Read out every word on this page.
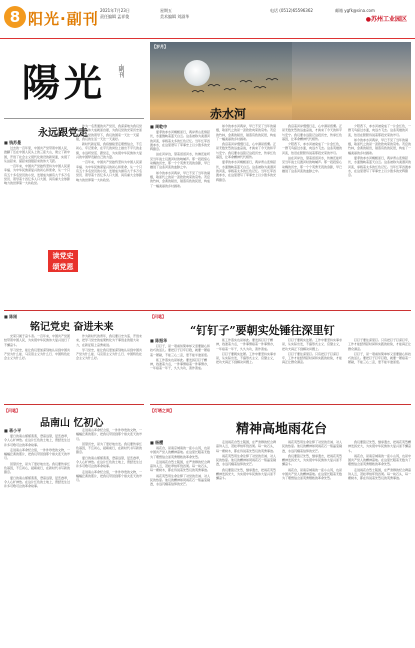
8 阳光·副刊 2021年7月23日
责任编辑 孟祥俊
星期五
美术编辑 刘淑华
电话 (0512)65596362	邮箱 ygfk@sina.com
●苏州工业园区
陽光 ·副刊
永远跟党走
■ 钱苏曼

过去的一百年里，中国共产党带领中国人民，推翻了压在中国人民头上的三座大山，建立了新中国，开创了社会主义现代化建设的新局面，实现了从站起来、富起来到强起来的伟大飞跃。

一百年来，中国共产党始终坚持为中国人民谋幸福、为中华民族谋复兴的初心和使命，从一个只有五十多名党员的小党，发展成为拥有九千多万名党员、领导着十四亿多人口大国、具有重大全球影响力的世界第一大执政党。

作为一名普通的共产党员，我深深地为我们党所取得的伟大成就而自豪，为我们党的光荣历史而骄傲。在党的领导下，我们的国家一天比一天富强，我们的生活一天比一天美好。

新时代新征程，我将继续坚定理想信念，不忘初心、牢记使命，在平凡的岗位上做出不平凡的业绩，永远听党话、跟党走，为实现中华民族伟大复兴的中国梦贡献自己的力量。

一百年来，中国共产党始终坚持为中国人民谋幸福、为中华民族谋复兴的初心和使命，从一个只有五十多名党员的小党，发展成为拥有九千多万名党员、领导着十四亿多人口大国、具有重大全球影响力的世界第一大执政党。

读党史 颂党恩
【岁月】
赤水河
■ 周乾中

夏季的赤水河蜿蜒而行，两岸青山连绵起伏，水面倒映着蓝天白云。这条被称为美酒河的河流，承载着太多的红色记忆。当年红军四渡赤水，在这里谱写了军事史上以少胜多的光辉篇章。

站在河岸边，望着滔滔河水，仿佛还能听见当年战士们渡河时的呐喊声。那一段段惊心动魄的历史，那一个个英勇无畏的身影，早已融进了这条河流的血脉之中。

如今的赤水河两岸，早已不见了当年的硝烟，取而代之的是一派欣欣向荣的景象。茂密的竹林，金黄的稻田，错落有致的民居，构成了一幅美丽的乡村画卷。

如今的赤水河两岸，早已不见了当年的硝烟，取而代之的是一派欣欣向荣的景象。茂密的竹林，金黄的稻田，错落有致的民居，构成了一幅美丽的乡村画卷。

我沿着河岸慢慢行走，心中满是感慨。正是无数先烈的浴血奋战，才换来了今天的和平与安宁。我们要永远铭记这段历史，传承红色基因，让革命精神代代相传。

夏季的赤水河蜿蜒而行，两岸青山连绵起伏，水面倒映着蓝天白云。这条被称为美酒河的河流，承载着太多的红色记忆。当年红军四渡赤水，在这里谱写了军事史上以少胜多的光辉篇章。

我沿着河岸慢慢行走，心中满是感慨。正是无数先烈的浴血奋战，才换来了今天的和平与安宁。我们要永远铭记这段历史，传承红色基因，让革命精神代代相传。

夕阳西下，赤水河被染成了一片金红色，一群飞鸟掠过水面，向远方飞去。这条英雄的河流，依旧在默默诉说着那段光荣的岁月。

站在河岸边，望着滔滔河水，仿佛还能听见当年战士们渡河时的呐喊声。那一段段惊心动魄的历史，那一个个英勇无畏的身影，早已融进了这条河流的血脉之中。

夕阳西下，赤水河被染成了一片金红色，一群飞鸟掠过水面，向远方飞去。这条英雄的河流，依旧在默默诉说着那段光荣的岁月。

如今的赤水河两岸，早已不见了当年的硝烟，取而代之的是一派欣欣向荣的景象。茂密的竹林，金黄的稻田，错落有致的民居，构成了一幅美丽的乡村画卷。

夏季的赤水河蜿蜒而行，两岸青山连绵起伏，水面倒映着蓝天白云。这条被称为美酒河的河流，承载着太多的红色记忆。当年红军四渡赤水，在这里谱写了军事史上以少胜多的光辉篇章。

■ 陈刚
铭记党史 奋进未来

光荣只属于奋斗者。一百年来，中国共产党团结带领中国人民，为实现中华民族伟大复兴进行了不懈奋斗。

学习党史，能让我们更加深刻地认识到中国共产党为什么能、马克思主义为什么行、中国特色社会主义为什么好。

作为新时代的青年，我们要以史为鉴、开创未来，把学习党史的成果转化为干事创业的强大动力，在新征程上奋勇前进。

学习党史，能让我们更加深刻地认识到中国共产党为什么能、马克思主义为什么行、中国特色社会主义为什么好。

【闪笔】
“钉钉子”要朝实处锤往深里钉
■ 陈振华

钉钉子，是一项看似简单却又需要耐心和技巧的活儿。要把钉子钉牢钉稳，就要一锤接着一锤敲，不能三心二意，更不能半途而废。

抓工作落实也是如此。要发扬钉钉子精神，找准着力点，一件事情接着一件事情办，一年接着一年干，久久为功，善作善成。

抓工作落实也是如此。要发扬钉钉子精神，找准着力点，一件事情接着一件事情办，一年接着一年干，久久为功，善作善成。

钉钉子要朝实处锤。工作中要坚持实事求是，从实际出发，不搞形式主义、官僚主义，把功夫真正下到解决问题上。

钉钉子要朝实处锤。工作中要坚持实事求是，从实际出发，不搞形式主义、官僚主义，把功夫真正下到解决问题上。

钉钉子要往深里钉。只有把钉子钉深钉牢，工作才能经得起时间和实践的检验，才能真正让群众满意。

钉钉子要往深里钉。只有把钉子钉深钉牢，工作才能经得起时间和实践的检验，才能真正让群众满意。

钉钉子，是一项看似简单却又需要耐心和技巧的活儿。要把钉子钉牢钉稳，就要一锤接着一锤敲，不能三心二意，更不能半途而废。

【闪笔】
品南山 忆初心
■ 蒋小平

夏日的南山郁郁葱葱，登高远望，层峦叠翠，令人心旷神怡。在这片红色的土地上，曾经发生过许多可歌可泣的革命故事。

走进南山革命纪念馆，一件件珍贵的文物，一幅幅泛黄的照片，把我们带回到那个烽火连天的岁月。

回望历史，是为了更好地出发。我们要传承红色基因，不忘初心，砥砺前行，在新时代书写新的篇章。

夏日的南山郁郁葱葱，登高远望，层峦叠翠，令人心旷神怡。在这片红色的土地上，曾经发生过许多可歌可泣的革命故事。

走进南山革命纪念馆，一件件珍贵的文物，一幅幅泛黄的照片，把我们带回到那个烽火连天的岁月。

回望历史，是为了更好地出发。我们要传承红色基因，不忘初心，砥砺前行，在新时代书写新的篇章。

夏日的南山郁郁葱葱，登高远望，层峦叠翠，令人心旷神怡。在这片红色的土地上，曾经发生过许多可歌可泣的革命故事。

走进南山革命纪念馆，一件件珍贵的文物，一幅幅泛黄的照片，把我们带回到那个烽火连天的岁月。

【灯塔之间】
精神高地雨花台
■ 杨樱

雨花台，是南京城南的一座小山冈，也是中国共产党人的精神高地。在这里长眠着无数为了理想信念而英勇牺牲的革命先烈。

走进雨花台烈士陵园，庄严肃穆的纪念碑高耸入云，苍松翠柏环绕四周。每一块石头，每一棵树木，都在诉说着先烈们的英勇事迹。

雨花英烈用生命诠释了对党的忠诚、对人民的热爱。他们的精神如同雨花石一般晶莹剔透，永远闪耀着信仰的光芒。

走进雨花台烈士陵园，庄严肃穆的纪念碑高耸入云，苍松翠柏环绕四周。每一块石头，每一棵树木，都在诉说着先烈们的英勇事迹。

雨花英烈用生命诠释了对党的忠诚、对人民的热爱。他们的精神如同雨花石一般晶莹剔透，永远闪耀着信仰的光芒。

我们要铭记先烈，继承遗志，把雨花英烈精神发扬光大，为实现中华民族伟大复兴而不懈奋斗。

雨花英烈用生命诠释了对党的忠诚、对人民的热爱。他们的精神如同雨花石一般晶莹剔透，永远闪耀着信仰的光芒。

我们要铭记先烈，继承遗志，把雨花英烈精神发扬光大，为实现中华民族伟大复兴而不懈奋斗。

雨花台，是南京城南的一座小山冈，也是中国共产党人的精神高地。在这里长眠着无数为了理想信念而英勇牺牲的革命先烈。

我们要铭记先烈，继承遗志，把雨花英烈精神发扬光大，为实现中华民族伟大复兴而不懈奋斗。

雨花台，是南京城南的一座小山冈，也是中国共产党人的精神高地。在这里长眠着无数为了理想信念而英勇牺牲的革命先烈。

走进雨花台烈士陵园，庄严肃穆的纪念碑高耸入云，苍松翠柏环绕四周。每一块石头，每一棵树木，都在诉说着先烈们的英勇事迹。
